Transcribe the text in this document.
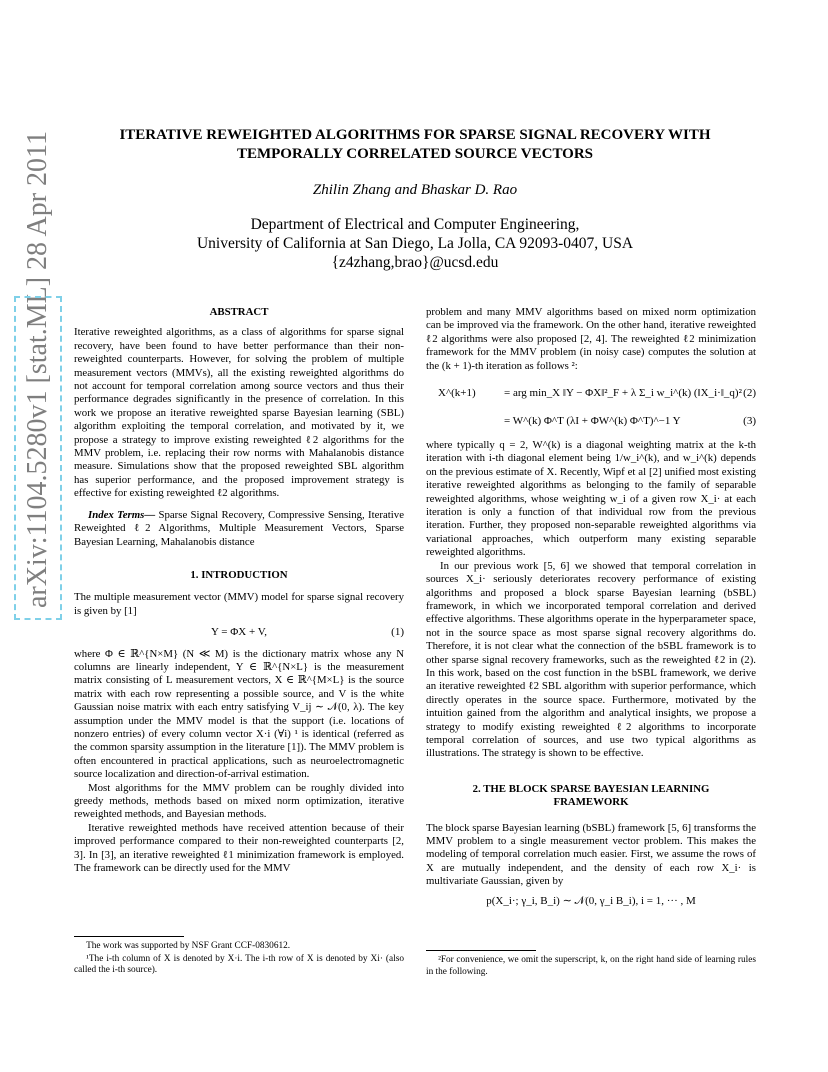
arXiv:1104.5280v1 [stat.ML] 28 Apr 2011	ITERATIVE REWEIGHTED ALGORITHMS FOR SPARSE SIGNAL RECOVERY WITH TEMPORALLY CORRELATED SOURCE VECTORS

Zhilin Zhang and Bhaskar D. Rao
Department of Electrical and Computer Engineering,
University of California at San Diego, La Jolla, CA 92093-0407, USA
{z4zhang,brao}@ucsd.edu

ABSTRACT

Iterative reweighted algorithms, as a class of algorithms for sparse signal recovery, have been found to have better performance than their non-reweighted counterparts. However, for solving the problem of multiple measurement vectors (MMVs), all the existing reweighted algorithms do not account for temporal correlation among source vectors and thus their performance degrades significantly in the presence of correlation. In this work we propose an iterative reweighted sparse Bayesian learning (SBL) algorithm exploiting the temporal correlation, and motivated by it, we propose a strategy to improve existing reweighted ℓ2 algorithms for the MMV problem, i.e. replacing their row norms with Mahalanobis distance measure. Simulations show that the proposed reweighted SBL algorithm has superior performance, and the proposed improvement strategy is effective for existing reweighted ℓ2 algorithms.

Index Terms— Sparse Signal Recovery, Compressive Sensing, Iterative Reweighted ℓ2 Algorithms, Multiple Measurement Vectors, Sparse Bayesian Learning, Mahalanobis distance

1. INTRODUCTION

The multiple measurement vector (MMV) model for sparse signal recovery is given by [1]

Y = ΦX + V,	(1)

where Φ ∈ ℝ^{N×M} (N ≪ M) is the dictionary matrix whose any N columns are linearly independent, Y ∈ ℝ^{N×L} is the measurement matrix consisting of L measurement vectors, X ∈ ℝ^{M×L} is the source matrix with each row representing a possible source, and V is the white Gaussian noise matrix with each entry satisfying V_ij ∼ 𝒩(0, λ). The key assumption under the MMV model is that the support (i.e. locations of nonzero entries) of every column vector X·i (∀i) ¹ is identical (referred as the common sparsity assumption in the literature [1]). The MMV problem is often encountered in practical applications, such as neuroelectromagnetic source localization and direction-of-arrival estimation.

Most algorithms for the MMV problem can be roughly divided into greedy methods, methods based on mixed norm optimization, iterative reweighted methods, and Bayesian methods.

Iterative reweighted methods have received attention because of their improved performance compared to their non-reweighted counterparts [2, 3]. In [3], an iterative reweighted ℓ1 minimization framework is employed. The framework can be directly used for the MMV

The work was supported by NSF Grant CCF-0830612.

¹The i-th column of X is denoted by X·i. The i-th row of X is denoted by Xi· (also called the i-th source).

problem and many MMV algorithms based on mixed norm optimization can be improved via the framework. On the other hand, iterative reweighted ℓ2 algorithms were also proposed [2, 4]. The reweighted ℓ2 minimization framework for the MMV problem (in noisy case) computes the solution at the (k + 1)-th iteration as follows ²:

X^(k+1)	= arg min_X ‖Y − ΦX‖²_F + λ Σ_i w_i^(k) (‖X_i·‖_q)² (2)
= W^(k) Φ^T (λI + ΦW^(k) Φ^T)^−1 Y	(3)

where typically q = 2, W^(k) is a diagonal weighting matrix at the k-th iteration with i-th diagonal element being 1/w_i^(k), and w_i^(k) depends on the previous estimate of X. Recently, Wipf et al [2] unified most existing iterative reweighted algorithms as belonging to the family of separable reweighted algorithms, whose weighting w_i of a given row X_i· at each iteration is only a function of that individual row from the previous iteration. Further, they proposed non-separable reweighted algorithms via variational approaches, which outperform many existing separable reweighted algorithms.

In our previous work [5, 6] we showed that temporal correlation in sources X_i· seriously deteriorates recovery performance of existing algorithms and proposed a block sparse Bayesian learning (bSBL) framework, in which we incorporated temporal correlation and derived effective algorithms. These algorithms operate in the hyperparameter space, not in the source space as most sparse signal recovery algorithms do. Therefore, it is not clear what the connection of the bSBL framework is to other sparse signal recovery frameworks, such as the reweighted ℓ2 in (2). In this work, based on the cost function in the bSBL framework, we derive an iterative reweighted ℓ2 SBL algorithm with superior performance, which directly operates in the source space. Furthermore, motivated by the intuition gained from the algorithm and analytical insights, we propose a strategy to modify existing reweighted ℓ2 algorithms to incorporate temporal correlation of sources, and use two typical algorithms as illustrations. The strategy is shown to be effective.

2. THE BLOCK SPARSE BAYESIAN LEARNING FRAMEWORK

The block sparse Bayesian learning (bSBL) framework [5, 6] transforms the MMV problem to a single measurement vector problem. This makes the modeling of temporal correlation much easier. First, we assume the rows of X are mutually independent, and the density of each row X_i· is multivariate Gaussian, given by

p(X_i·; γ_i, B_i) ∼ 𝒩(0, γ_i B_i), i = 1, ··· , M

²For convenience, we omit the superscript, k, on the right hand side of learning rules in the following.
